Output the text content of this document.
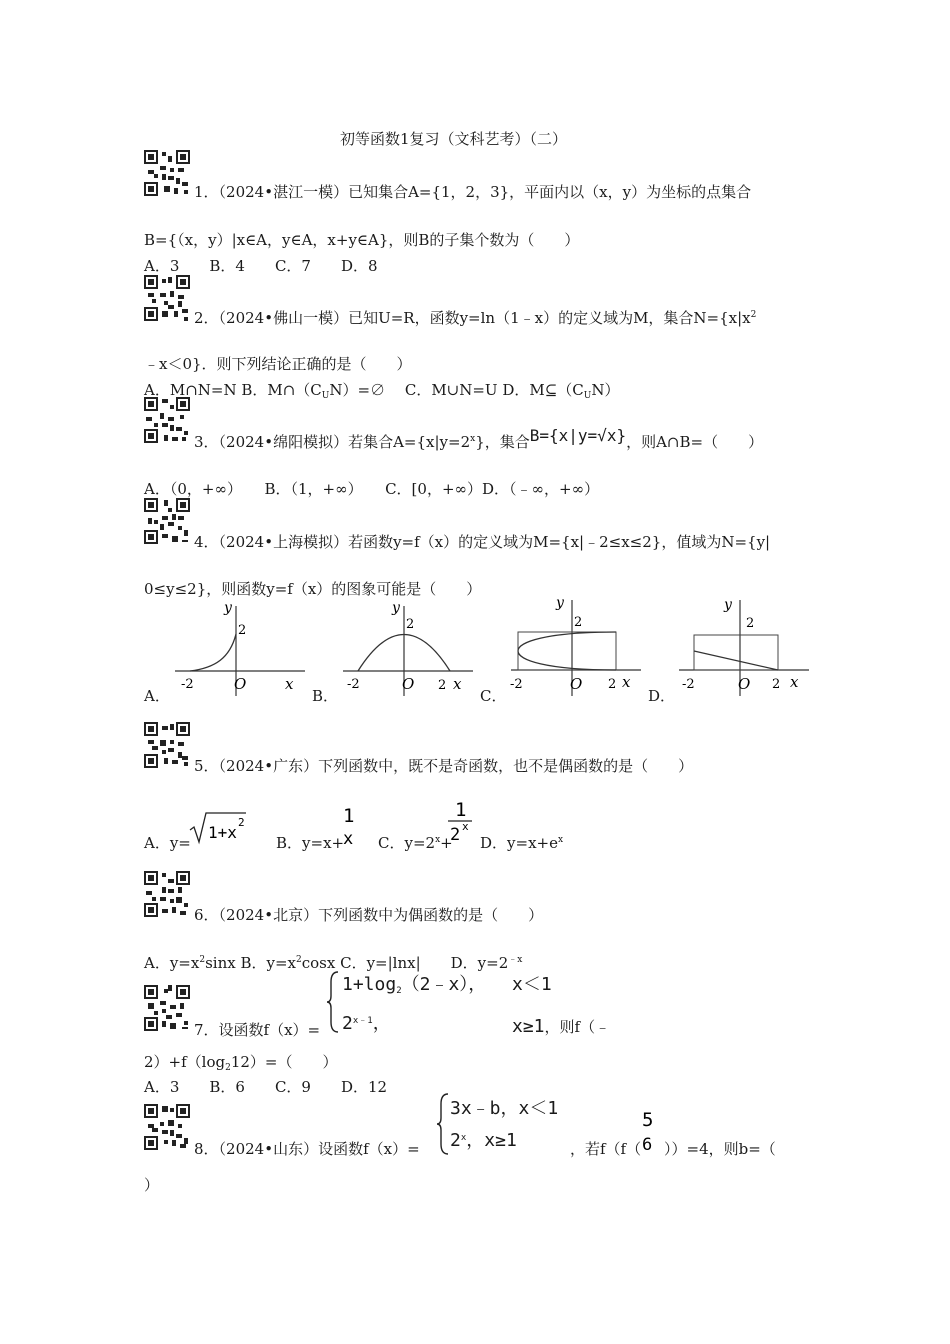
初等函数1复习（文科艺考）（二）
1．（2024•湛江一模）已知集合A={1，2，3}，平面内以（x，y）为坐标的点集合
B={（x，y）|x∈A，y∈A，x+y∈A}，则B的子集个数为（　　）
A．3　　B．4　　C．7　　D．8
2．（2024•佛山一模）已知U=R，函数y=ln（1﹣x）的定义域为M，集合$N=\{x|x^2$
﹣x＜0}．则下列结论正确的是（　　）
A．M∩N=N B．$M\cap(C_UN)=\emptyset$　 C．M∪N=U D．$M⊆(C_UN)$
3．（2024•绵阳模拟）若集合$A=\{x|y=2^x\}$，集合B={x|y=√x}，则A∩B=（　　）
A．（0，+∞）　　B．（1，+∞）　　C．[0，+∞）D．（﹣∞，+∞）
4．（2024•上海模拟）若函数y=f（x）的定义域为M={x|﹣2≤x≤2}，值域为N={y|
0≤y≤2}，则函数y=f（x）的图象可能是（　　）
A．	B．	C．	D．
y
2
-2	O	x
y
2
-2	O 2 x
y
2
-2	O 2 x
y
2
-2	O 2 x
5．（2024•广东）下列函数中，既不是奇函数，也不是偶函数的是（　　）
A．y=
1+x
2
B．y=x+
1
x C．$y=2^x+$
1
2 x
D．$y=x+e^x$
6．（2024•北京）下列函数中为偶函数的是（　　）
A．$y=x^2\sin x$ B．$y=x^2\cos x$ C．y=|lnx|　　D．$y=2^{﹣x}$
7．设函数f（x）=
$1+\log_2(2﹣x)$， x＜1
$2^{x﹣1}$，	x≥1，则f（﹣
$2)+f(\log_212)=$（　　）
A．3　　B．6　　C．9　　D．12
8．（2024•山东）设函数f（x）=
3x﹣b，x＜1
2$^x$，x≥1	，若f（f（
5
6 ））=4，则b=（
）
